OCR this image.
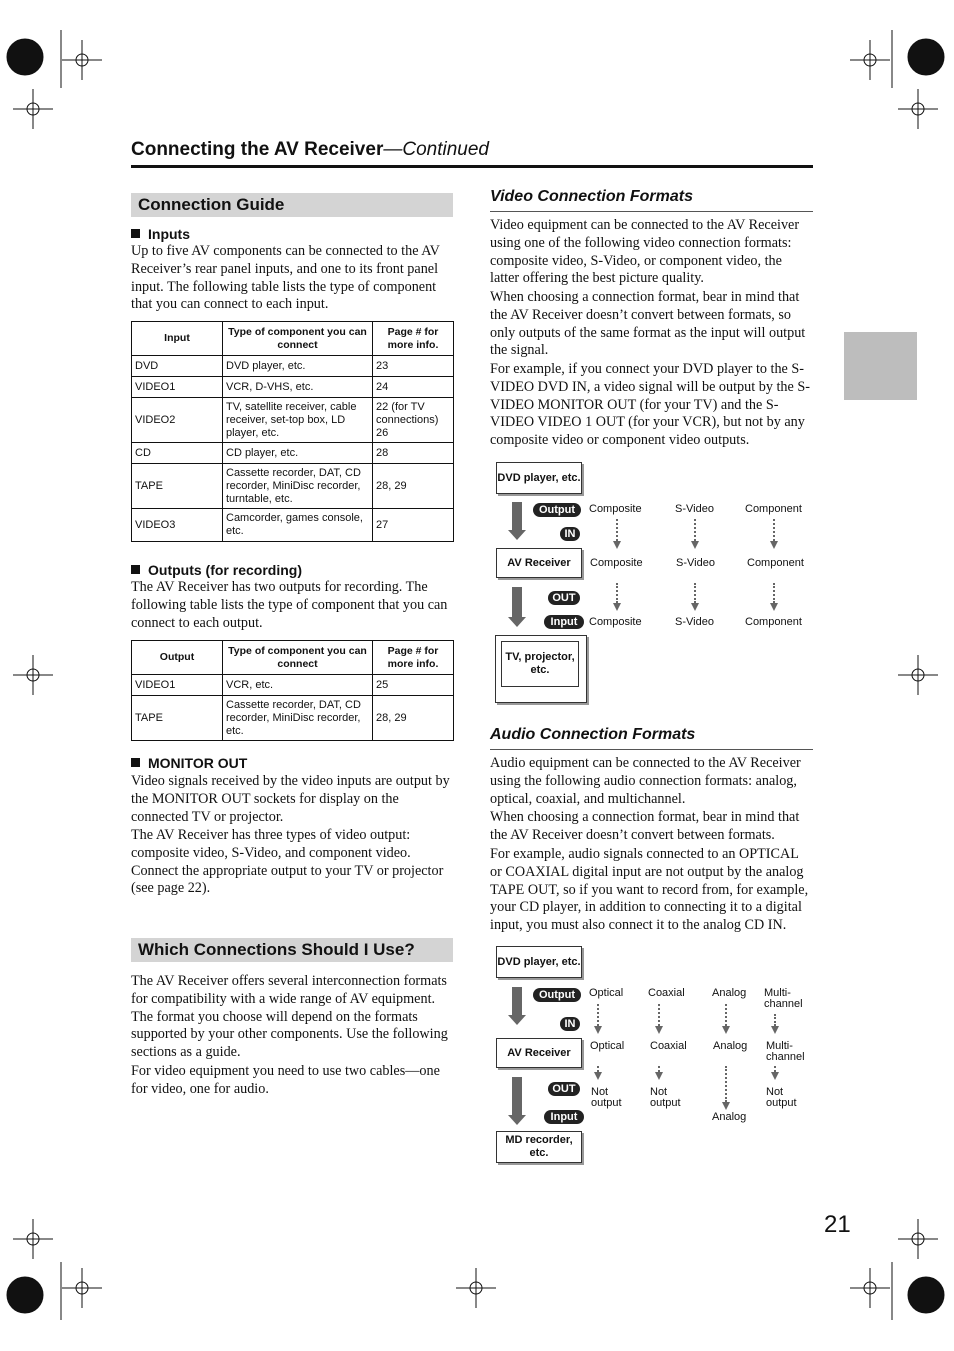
Connecting the AV Receiver—Continued
Connection Guide
Inputs
Up to five AV components can be connected to the AV Receiver’s rear panel inputs, and one to its front panel input. The following table lists the type of component that you can connect to each input.
Input	Type of component you can connect	Page # for more info.
DVD	DVD player, etc.	23
VIDEO1	VCR, D-VHS, etc.	24
VIDEO2	TV, satellite receiver, cable receiver, set-top box, LD player, etc.	22 (for TV connections) 26
CD	CD player, etc.	28
TAPE	Cassette recorder, DAT, CD recorder, MiniDisc recorder, turntable, etc.	28, 29
VIDEO3	Camcorder, games console, etc.	27
Outputs (for recording)
The AV Receiver has two outputs for recording. The following table lists the type of component that you can connect to each output.
Output	Type of component you can connect	Page # for more info.
VIDEO1	VCR, etc.	25
TAPE	Cassette recorder, DAT, CD recorder, MiniDisc recorder, etc.	28, 29
MONITOR OUT
Video signals received by the video inputs are output by the MONITOR OUT sockets for display on the connected TV or projector.
The AV Receiver has three types of video output: composite video, S-Video, and component video. Connect the appropriate output to your TV or projector (see page 22).
Which Connections Should I Use?
The AV Receiver offers several interconnection formats for compatibility with a wide range of AV equipment. The format you choose will depend on the formats supported by your other components. Use the following sections as a guide.
For video equipment you need to use two cables—one for video, one for audio.
Video Connection Formats
Video equipment can be connected to the AV Receiver using one of the following video connection formats: composite video, S-Video, or component video, the latter offering the best picture quality.
When choosing a connection format, bear in mind that the AV Receiver doesn’t convert between formats, so only outputs of the same format as the input will output the signal.
For example, if you connect your DVD player to the S-VIDEO DVD IN, a video signal will be output by the S-VIDEO MONITOR OUT (for your TV) and the S-VIDEO VIDEO 1 OUT (for your VCR), but not by any composite video or component video outputs.
DVD player, etc.
Output
IN
Composite	S-Video	Component
AV Receiver	Composite	S-Video	Component
OUT
Input	Composite	S-Video	Component
TV, projector, etc.
Audio Connection Formats
Audio equipment can be connected to the AV Receiver using the following audio connection formats: analog, optical, coaxial, and multichannel.
When choosing a connection format, bear in mind that the AV Receiver doesn’t convert between formats.
For example, audio signals connected to an OPTICAL or COAXIAL digital input are not output by the analog TAPE OUT, so if you want to record from, for example, your CD player, in addition to connecting it to a digital input, you must also connect it to the analog CD IN.
DVD player, etc.
Output
IN
Optical Coaxial Analog Multi-channel
AV Receiver
Optical Coaxial Analog Multi-channel
OUT
Input
Not output
Not output
Analog
Not output
MD recorder, etc.
21
